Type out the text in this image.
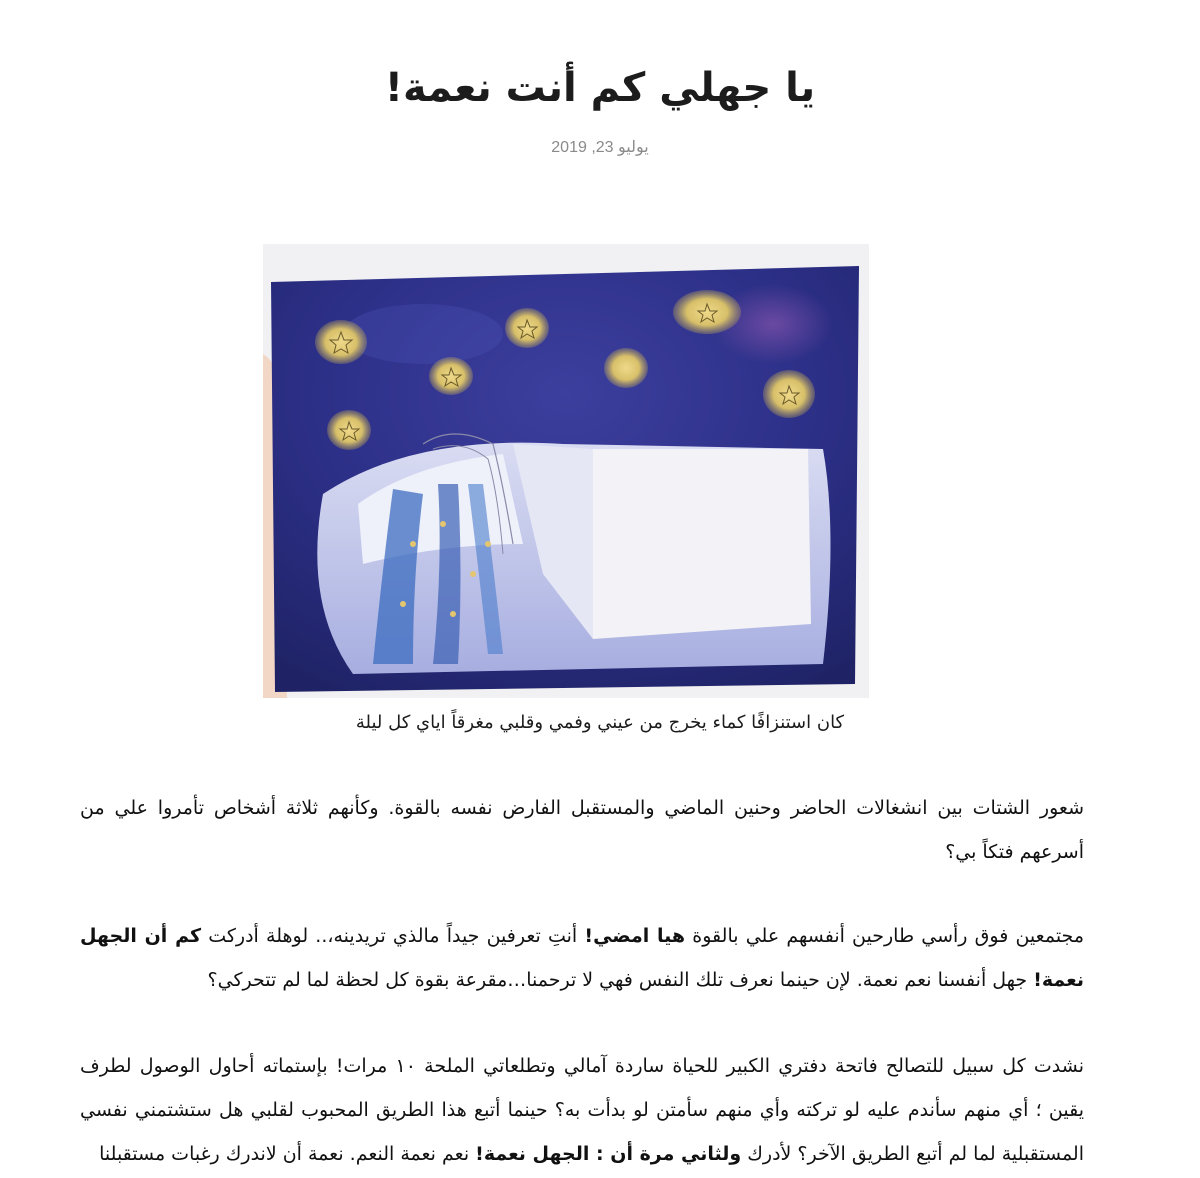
يا جهلي كم أنت نعمة!
يوليو 23, 2019
كان استنزافًا كماء يخرج من عيني وفمي وقلبي مغرقاً اياي كل ليلة

شعور الشتات بين انشغالات الحاضر وحنين الماضي والمستقبل الفارض نفسه بالقوة. وكأنهم ثلاثة أشخاص تأمروا علي من أسرعهم فتكاً بي؟

مجتمعين فوق رأسي طارحين أنفسهم علي بالقوة هيا امضي! أنتِ تعرفين جيداً مالذي تريدينه،.. لوهلة أدركت كم أن الجهل نعمة! جهل أنفسنا نعم نعمة. لإن حينما نعرف تلك النفس فهي لا ترحمنا…مقرعة بقوة كل لحظة لما لم تتحركي؟

نشدت كل سبيل للتصالح فاتحة دفتري الكبير للحياة ساردة آمالي وتطلعاتي الملحة ١٠ مرات! بإستماته أحاول الوصول لطرف يقين ؛ أي منهم سأندم عليه لو تركته وأي منهم سأمتن لو بدأت به؟ حينما أتبع هذا الطريق المحبوب لقلبي هل ستشتمني نفسي المستقبلية لما لم أتبع الطريق الآخر؟ لأدرك ولثاني مرة أن : الجهل نعمة! نعم نعمة النعم. نعمة أن لاندرك رغبات مستقبلنا
